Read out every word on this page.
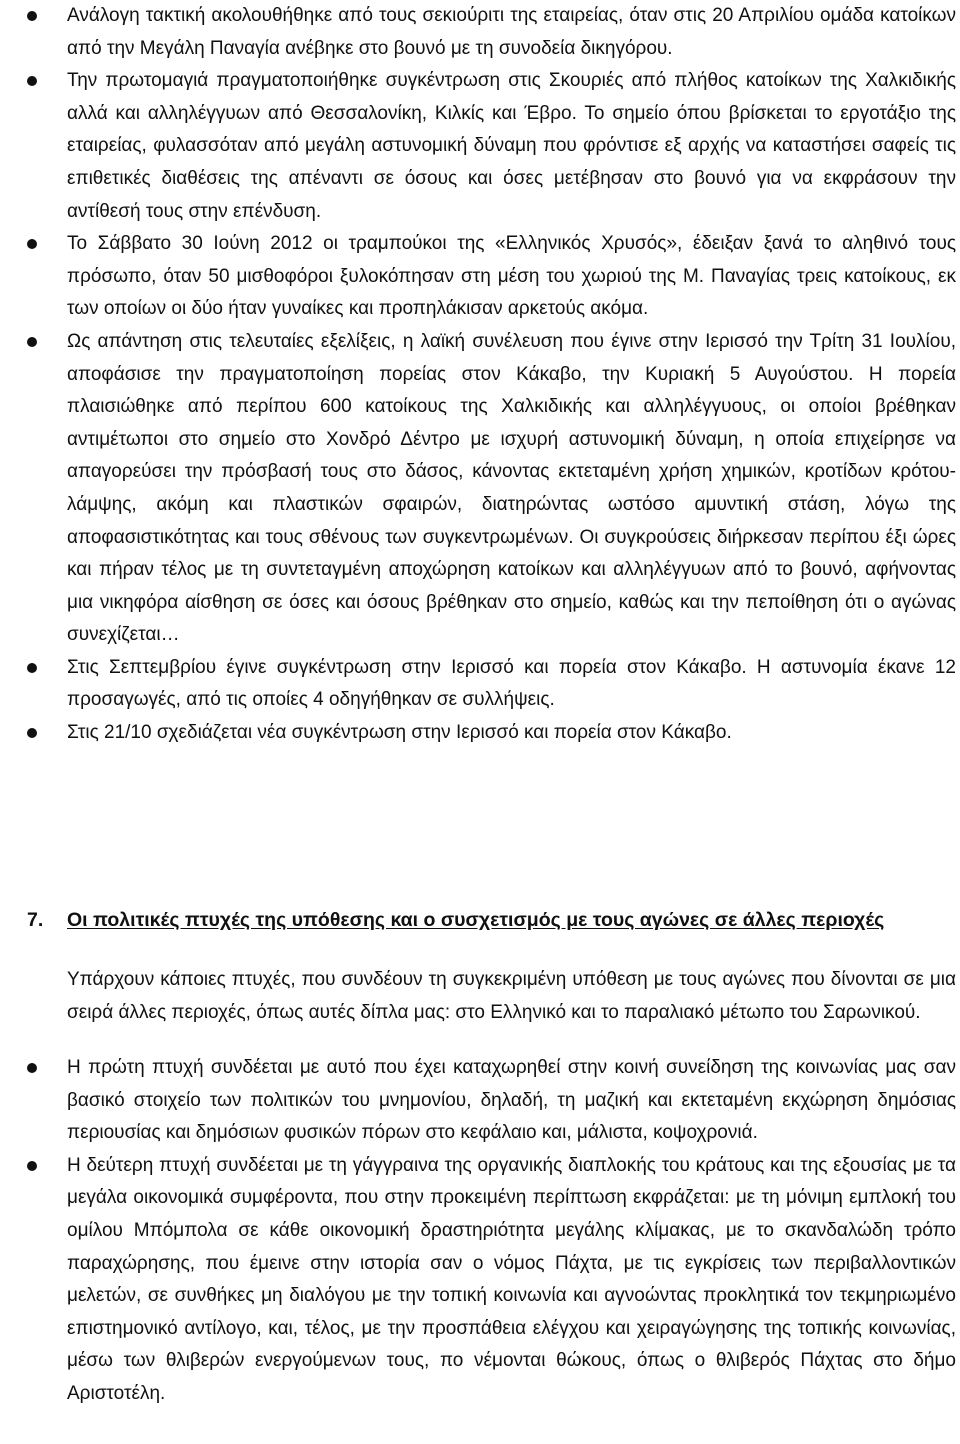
Ανάλογη τακτική ακολουθήθηκε από τους σεκιούριτι της εταιρείας, όταν στις 20 Απριλίου ομάδα κατοίκων από την Μεγάλη Παναγία ανέβηκε στο βουνό με τη συνοδεία δικηγόρου.
Την πρωτομαγιά πραγματοποιήθηκε συγκέντρωση στις Σκουριές από πλήθος κατοίκων της Χαλκιδικής αλλά και αλληλέγγυων από Θεσσαλονίκη, Κιλκίς και Έβρο. Το σημείο όπου βρίσκεται το εργοτάξιο της εταιρείας, φυλασσόταν από μεγάλη αστυνομική δύναμη που φρόντισε εξ αρχής να καταστήσει σαφείς τις επιθετικές διαθέσεις της απέναντι σε όσους και όσες μετέβησαν στο βουνό για να εκφράσουν την αντίθεσή τους στην επένδυση.
Το Σάββατο 30 Ιούνη 2012 οι τραμπούκοι της «Ελληνικός Χρυσός», έδειξαν ξανά το αληθινό τους πρόσωπο, όταν 50 μισθοφόροι ξυλοκόπησαν στη μέση του χωριού της Μ. Παναγίας τρεις κατοίκους, εκ των οποίων οι δύο ήταν γυναίκες και προπηλάκισαν αρκετούς ακόμα.
Ως απάντηση στις τελευταίες εξελίξεις, η λαϊκή συνέλευση που έγινε στην Ιερισσό την Τρίτη 31 Ιουλίου, αποφάσισε την πραγματοποίηση πορείας στον Κάκαβο, την Κυριακή 5 Αυγούστου. Η πορεία πλαισιώθηκε από περίπου 600 κατοίκους της Χαλκιδικής και αλληλέγγυους, οι οποίοι βρέθηκαν αντιμέτωποι στο σημείο στο Χονδρό Δέντρο με ισχυρή αστυνομική δύναμη, η οποία επιχείρησε να απαγορεύσει την πρόσβασή τους στο δάσος, κάνοντας εκτεταμένη χρήση χημικών, κροτίδων κρότου-λάμψης, ακόμη και πλαστικών σφαιρών, διατηρώντας ωστόσο αμυντική στάση, λόγω της αποφασιστικότητας και τους σθένους των συγκεντρωμένων. Οι συγκρούσεις διήρκεσαν περίπου έξι ώρες και πήραν τέλος με τη συντεταγμένη αποχώρηση κατοίκων και αλληλέγγυων από το βουνό, αφήνοντας μια νικηφόρα αίσθηση σε όσες και όσους βρέθηκαν στο σημείο, καθώς και την πεποίθηση ότι ο αγώνας συνεχίζεται…
Στις Σεπτεμβρίου έγινε συγκέντρωση στην Ιερισσό και πορεία στον Κάκαβο. Η αστυνομία έκανε 12 προσαγωγές, από τις οποίες 4 οδηγήθηκαν σε συλλήψεις.
Στις 21/10 σχεδιάζεται νέα συγκέντρωση στην Ιερισσό και πορεία στον Κάκαβο.
7. Οι πολιτικές πτυχές της υπόθεσης και ο συσχετισμός με τους αγώνες σε άλλες περιοχές

Υπάρχουν κάποιες πτυχές, που συνδέουν τη συγκεκριμένη υπόθεση με τους αγώνες που δίνονται σε μια σειρά άλλες περιοχές, όπως αυτές δίπλα μας: στο Ελληνικό και το παραλιακό μέτωπο του Σαρωνικού.

Η πρώτη πτυχή συνδέεται με αυτό που έχει καταχωρηθεί στην κοινή συνείδηση της κοινωνίας μας σαν βασικό στοιχείο των πολιτικών του μνημονίου, δηλαδή, τη μαζική και εκτεταμένη εκχώρηση δημόσιας περιουσίας και δημόσιων φυσικών πόρων στο κεφάλαιο και, μάλιστα, κοψοχρονιά.
Η δεύτερη πτυχή συνδέεται με τη γάγγραινα της οργανικής διαπλοκής του κράτους και της εξουσίας με τα μεγάλα οικονομικά συμφέροντα, που στην προκειμένη περίπτωση εκφράζεται: με τη μόνιμη εμπλοκή του ομίλου Μπόμπολα σε κάθε οικονομική δραστηριότητα μεγάλης κλίμακας, με το σκανδαλώδη τρόπο παραχώρησης, που έμεινε στην ιστορία σαν ο νόμος Πάχτα, με τις εγκρίσεις των περιβαλλοντικών μελετών, σε συνθήκες μη διαλόγου με την τοπική κοινωνία και αγνοώντας προκλητικά τον τεκμηριωμένο επιστημονικό αντίλογο, και, τέλος, με την προσπάθεια ελέγχου και χειραγώγησης της τοπικής κοινωνίας, μέσω των θλιβερών ενεργούμενων τους, πο νέμονται θώκους, όπως ο θλιβερός Πάχτας στο δήμο Αριστοτέλη.
